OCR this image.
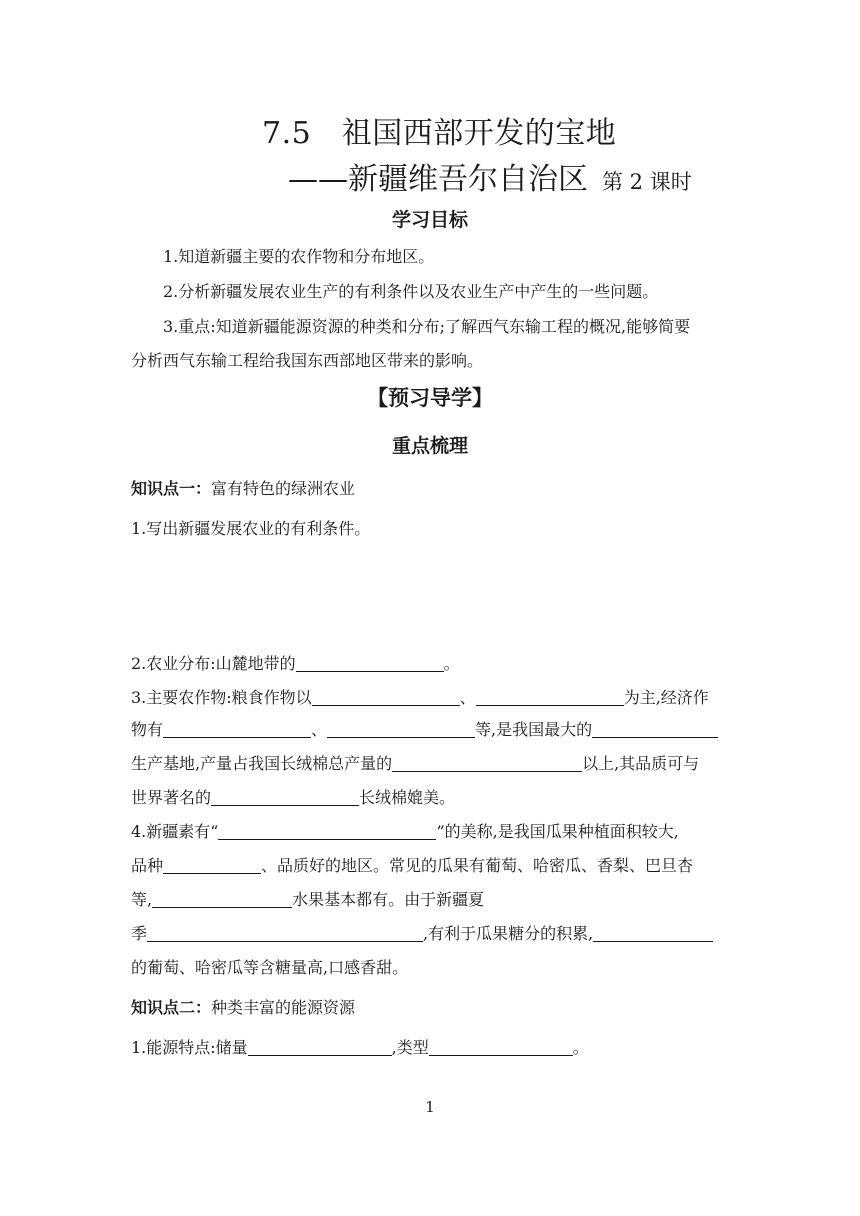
7.5　祖国西部开发的宝地
——新疆维吾尔自治区 第 2 课时
学习目标
1.知道新疆主要的农作物和分布地区。
2.分析新疆发展农业生产的有利条件以及农业生产中产生的一些问题。
3.重点:知道新疆能源资源的种类和分布;了解西气东输工程的概况,能够简要
分析西气东输工程给我国东西部地区带来的影响。
【预习导学】
重点梳理
知识点一：富有特色的绿洲农业
1.写出新疆发展农业的有利条件。
2.农业分布:山麓地带的	。
3.主要农作物:粮食作物以	、	为主,经济作
物有	、	等,是我国最大的
生产基地,产量占我国长绒棉总产量的	以上,其品质可与
世界著名的	长绒棉媲美。
4.新疆素有“	”的美称,是我国瓜果种植面积较大,
品种	、品质好的地区。常见的瓜果有葡萄、哈密瓜、香梨、巴旦杏
等,	水果基本都有。由于新疆夏
季	,有利于瓜果糖分的积累,
的葡萄、哈密瓜等含糖量高,口感香甜。
知识点二：种类丰富的能源资源
1.能源特点:储量	,类型	。
1
